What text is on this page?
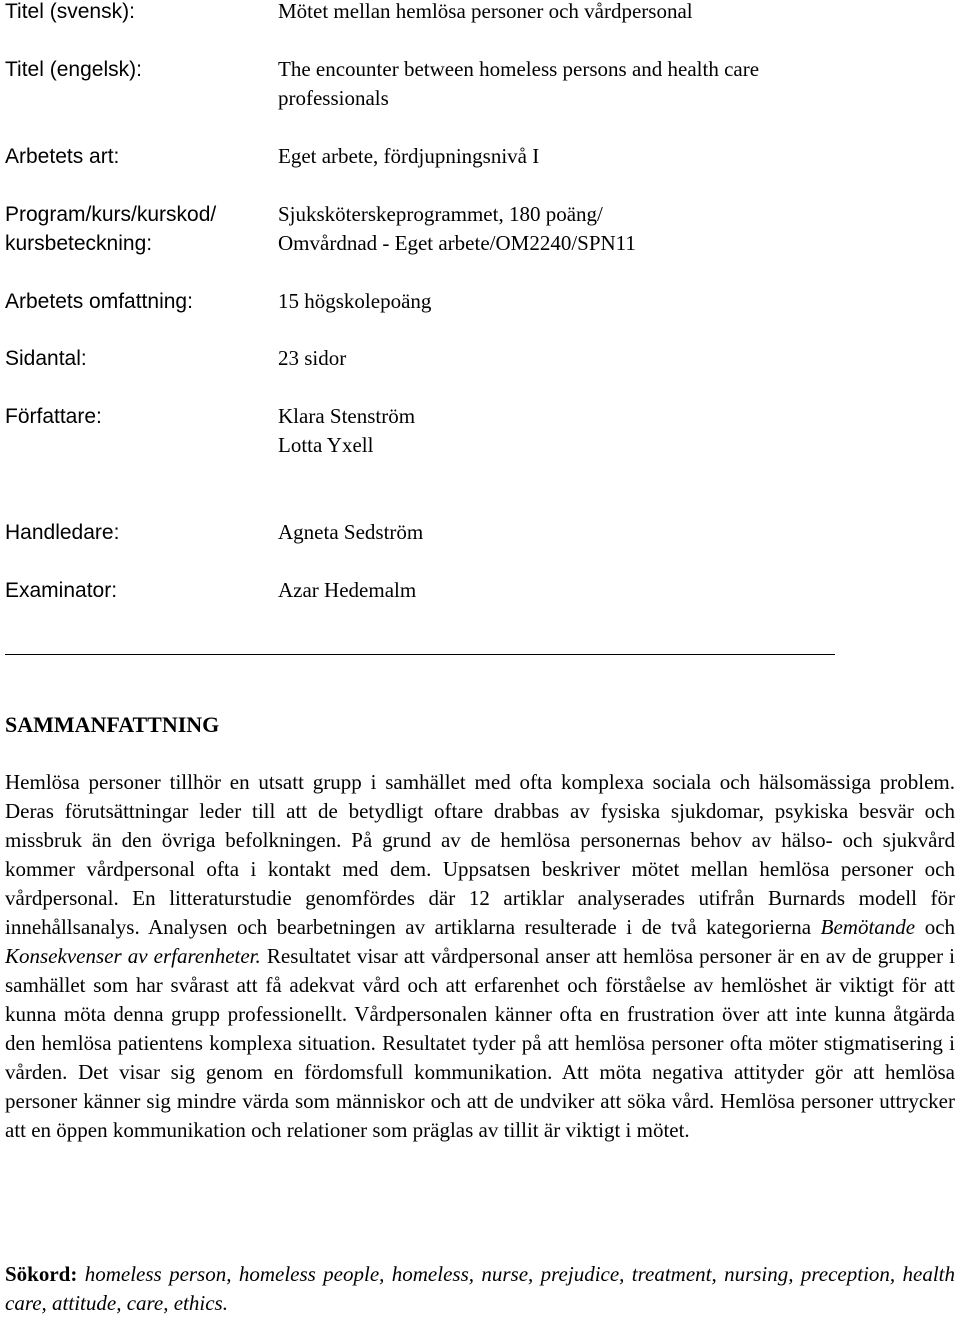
Titel (svensk):	Mötet mellan hemlösa personer och vårdpersonal
Titel (engelsk):	The encounter between homeless persons and health care
professionals
Arbetets art:	Eget arbete, fördjupningsnivå I
Program/kurs/kurskod/
kursbeteckning:
Sjuksköterskeprogrammet, 180 poäng/
Omvårdnad - Eget arbete/OM2240/SPN11
Arbetets omfattning:	15 högskolepoäng
Sidantal:	23 sidor
Författare:	Klara Stenström
Lotta Yxell
Handledare:	Agneta Sedström
Examinator:	Azar Hedemalm
SAMMANFATTNING

Hemlösa personer tillhör en utsatt grupp i samhället med ofta komplexa sociala och hälsomässiga problem. Deras förutsättningar leder till att de betydligt oftare drabbas av fysiska sjukdomar, psykiska besvär och missbruk än den övriga befolkningen. På grund av de hemlösa personernas behov av hälso- och sjukvård kommer vårdpersonal ofta i kontakt med dem. Uppsatsen beskriver mötet mellan hemlösa personer och vårdpersonal. En litteraturstudie genomfördes där 12 artiklar analyserades utifrån Burnards modell för innehållsanalys. Analysen och bearbetningen av artiklarna resulterade i de två kategorierna Bemötande och Konsekvenser av erfarenheter. Resultatet visar att vårdpersonal anser att hemlösa personer är en av de grupper i samhället som har svårast att få adekvat vård och att erfarenhet och förståelse av hemlöshet är viktigt för att kunna möta denna grupp professionellt. Vårdpersonalen känner ofta en frustration över att inte kunna åtgärda den hemlösa patientens komplexa situation. Resultatet tyder på att hemlösa personer ofta möter stigmatisering i vården. Det visar sig genom en fördomsfull kommunikation. Att möta negativa attityder gör att hemlösa personer känner sig mindre värda som människor och att de undviker att söka vård. Hemlösa personer uttrycker att en öppen kommunikation och relationer som präglas av tillit är viktigt i mötet.

Sökord: homeless person, homeless people, homeless, nurse, prejudice, treatment, nursing, preception, health care, attitude, care, ethics.
